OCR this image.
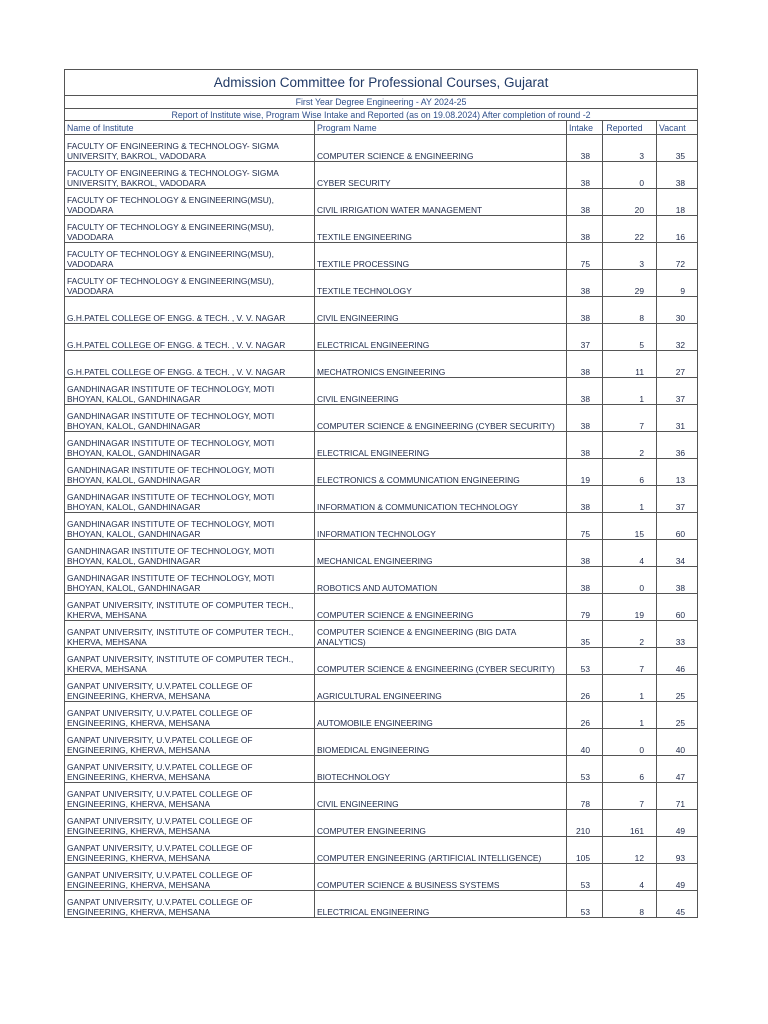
Admission Committee for Professional Courses, Gujarat				
First Year Degree Engineering - AY 2024-25				
Report of Institute wise, Program Wise Intake and Reported (as on 19.08.2024) After completion of round -2				
Name of Institute	Program Name	Intake	Reported	Vacant
FACULTY OF ENGINEERING & TECHNOLOGY- SIGMA UNIVERSITY, BAKROL, VADODARA	COMPUTER SCIENCE & ENGINEERING	38	3	35
FACULTY OF ENGINEERING & TECHNOLOGY- SIGMA UNIVERSITY, BAKROL, VADODARA	CYBER SECURITY	38	0	38
FACULTY OF TECHNOLOGY & ENGINEERING(MSU), VADODARA	CIVIL IRRIGATION WATER MANAGEMENT	38	20	18
FACULTY OF TECHNOLOGY & ENGINEERING(MSU), VADODARA	TEXTILE ENGINEERING	38	22	16
FACULTY OF TECHNOLOGY & ENGINEERING(MSU), VADODARA	TEXTILE PROCESSING	75	3	72
FACULTY OF TECHNOLOGY & ENGINEERING(MSU), VADODARA	TEXTILE TECHNOLOGY	38	29	9
G.H.PATEL COLLEGE OF ENGG. & TECH. , V. V. NAGAR	CIVIL ENGINEERING	38	8	30
G.H.PATEL COLLEGE OF ENGG. & TECH. , V. V. NAGAR	ELECTRICAL ENGINEERING	37	5	32
G.H.PATEL COLLEGE OF ENGG. & TECH. , V. V. NAGAR	MECHATRONICS ENGINEERING	38	11	27
GANDHINAGAR INSTITUTE OF TECHNOLOGY, MOTI BHOYAN, KALOL, GANDHINAGAR	CIVIL ENGINEERING	38	1	37
GANDHINAGAR INSTITUTE OF TECHNOLOGY, MOTI BHOYAN, KALOL, GANDHINAGAR	COMPUTER SCIENCE & ENGINEERING (CYBER SECURITY)	38	7	31
GANDHINAGAR INSTITUTE OF TECHNOLOGY, MOTI BHOYAN, KALOL, GANDHINAGAR	ELECTRICAL ENGINEERING	38	2	36
GANDHINAGAR INSTITUTE OF TECHNOLOGY, MOTI BHOYAN, KALOL, GANDHINAGAR	ELECTRONICS & COMMUNICATION ENGINEERING	19	6	13
GANDHINAGAR INSTITUTE OF TECHNOLOGY, MOTI BHOYAN, KALOL, GANDHINAGAR	INFORMATION & COMMUNICATION TECHNOLOGY	38	1	37
GANDHINAGAR INSTITUTE OF TECHNOLOGY, MOTI BHOYAN, KALOL, GANDHINAGAR	INFORMATION TECHNOLOGY	75	15	60
GANDHINAGAR INSTITUTE OF TECHNOLOGY, MOTI BHOYAN, KALOL, GANDHINAGAR	MECHANICAL ENGINEERING	38	4	34
GANDHINAGAR INSTITUTE OF TECHNOLOGY, MOTI BHOYAN, KALOL, GANDHINAGAR	ROBOTICS AND AUTOMATION	38	0	38
GANPAT UNIVERSITY, INSTITUTE OF COMPUTER TECH., KHERVA, MEHSANA	COMPUTER SCIENCE & ENGINEERING	79	19	60
GANPAT UNIVERSITY, INSTITUTE OF COMPUTER TECH., KHERVA, MEHSANA	COMPUTER SCIENCE & ENGINEERING (BIG DATA ANALYTICS)	35	2	33
GANPAT UNIVERSITY, INSTITUTE OF COMPUTER TECH., KHERVA, MEHSANA	COMPUTER SCIENCE & ENGINEERING (CYBER SECURITY)	53	7	46
GANPAT UNIVERSITY, U.V.PATEL COLLEGE OF ENGINEERING, KHERVA, MEHSANA	AGRICULTURAL ENGINEERING	26	1	25
GANPAT UNIVERSITY, U.V.PATEL COLLEGE OF ENGINEERING, KHERVA, MEHSANA	AUTOMOBILE ENGINEERING	26	1	25
GANPAT UNIVERSITY, U.V.PATEL COLLEGE OF ENGINEERING, KHERVA, MEHSANA	BIOMEDICAL ENGINEERING	40	0	40
GANPAT UNIVERSITY, U.V.PATEL COLLEGE OF ENGINEERING, KHERVA, MEHSANA	BIOTECHNOLOGY	53	6	47
GANPAT UNIVERSITY, U.V.PATEL COLLEGE OF ENGINEERING, KHERVA, MEHSANA	CIVIL ENGINEERING	78	7	71
GANPAT UNIVERSITY, U.V.PATEL COLLEGE OF ENGINEERING, KHERVA, MEHSANA	COMPUTER ENGINEERING	210	161	49
GANPAT UNIVERSITY, U.V.PATEL COLLEGE OF ENGINEERING, KHERVA, MEHSANA	COMPUTER ENGINEERING (ARTIFICIAL INTELLIGENCE)	105	12	93
GANPAT UNIVERSITY, U.V.PATEL COLLEGE OF ENGINEERING, KHERVA, MEHSANA	COMPUTER SCIENCE & BUSINESS SYSTEMS	53	4	49
GANPAT UNIVERSITY, U.V.PATEL COLLEGE OF ENGINEERING, KHERVA, MEHSANA	ELECTRICAL ENGINEERING	53	8	45
